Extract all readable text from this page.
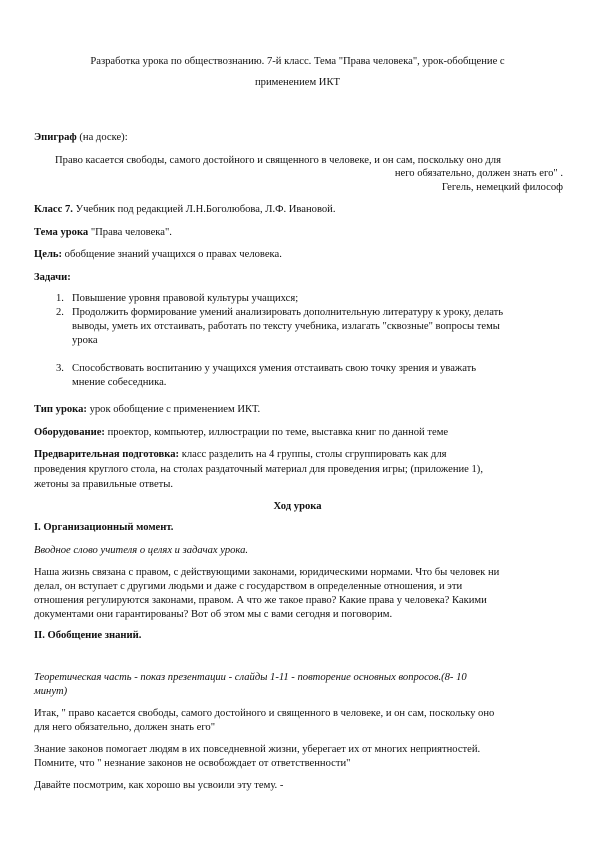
Разработка урока по обществознанию. 7-й класс. Тема "Права человека", урок-обобщение с

применением ИКТ

Эпиграф (на доске):

Право касается свободы, самого достойного и священного в человеке, и он сам, поскольку оно для

него обязательно, должен знать его" .

Гегель, немецкий философ

Класс 7. Учебник под редакцией Л.Н.Боголюбова, Л.Ф. Ивановой.

Тема урока "Права человека".

Цель: обобщение знаний учащихся о правах человека.

Задачи:

1. Повышение уровня правовой культуры учащихся;
2. Продолжить формирование умений анализировать дополнительную литературу к уроку, делать
выводы, уметь их отстаивать, работать по тексту учебника, излагать "сквозные" вопросы темы
урока
3. Способствовать воспитанию у учащихся умения отстаивать свою точку зрения и уважать
мнение собеседника.

Тип урока: урок обобщение с применением ИКТ.

Оборудование: проектор, компьютер, иллюстрации по теме, выставка книг по данной теме

Предварительная подготовка: класс разделить на 4 группы, столы сгруппировать как для

проведения круглого стола, на столах раздаточный материал для проведения игры; (приложение 1),

жетоны за правильные ответы.

Ход урока

I. Организационный момент.

Вводное слово учителя о целях и задачах урока.

Наша жизнь связана с правом, с действующими законами, юридическими нормами. Что бы человек ни

делал, он вступает с другими людьми и даже с государством в определенные отношения, и эти

отношения регулируются законами, правом. А что же такое право? Какие права у человека? Какими

документами они гарантированы? Вот об этом мы с вами сегодня и поговорим.

II. Обобщение знаний.

Теоретическая часть - показ презентации - слайды 1-11 - повторение основных вопросов.(8- 10

минут)

Итак, " право касается свободы, самого достойного и священного в человеке, и он сам, поскольку оно

для него обязательно, должен знать его"

Знание законов помогает людям в их повседневной жизни, уберегает их от многих неприятностей.

Помните, что " незнание законов не освобождает от ответственности"

Давайте посмотрим, как хорошо вы усвоили эту тему. -
